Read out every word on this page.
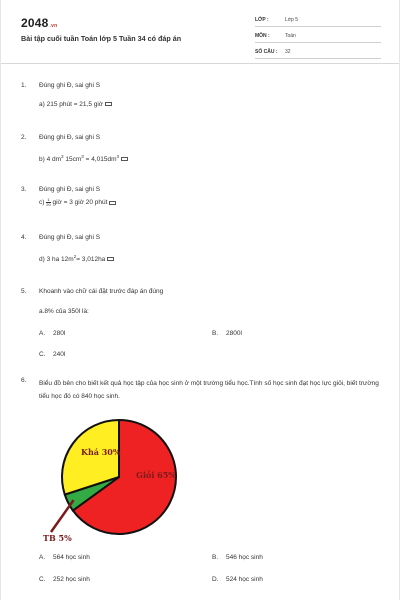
2048.vn
Bài tập cuối tuần Toán lớp 5 Tuần 34 có đáp án
LỚP :	Lớp 5
MÔN :	Toán
SỐ CÂU : 32
1. Đúng ghi Đ, sai ghi S
a) 215 phút = 21,5 giờ
2. Đúng ghi Đ, sai ghi S
b) 4 $dm^3$ $15cm^3 = 4,015dm^3$
3. Đúng ghi Đ, sai ghi S
$c) \frac{1}{20}$ giờ = 3 giờ 20 phút
4. Đúng ghi Đ, sai ghi S
d) 3 ha $12m^2= 3,012ha$
5. Khoanh vào chữ cái đặt trước đáp án đúng
a.8% của 350l là:
A. 280l	B. 2800l
C. 240l
6. Biểu đồ bên cho biết kết quả học tập của học sinh ở một trường tiểu học.Tính số học sinh đạt học lực giỏi, biết trường tiểu học đó có 840 học sinh.
Giỏi 65%
TB 5%
Khá 30%
A. 564 học sinh	B. 546 học sinh
C. 252 học sinh	D. 524 học sinh
